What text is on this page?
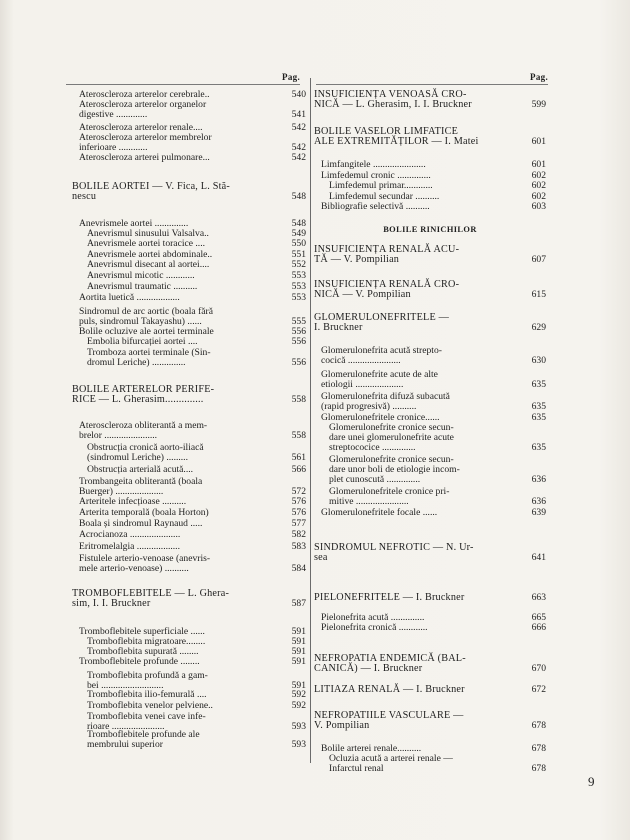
Pag.
Ateroscleroza arterelor cerebrale..	540
Ateroscleroza arterelor organelor
digestive .............	541
Ateroscleroza arterelor renale....	542
Ateroscleroza arterelor membrelor
inferioare ............	542
Ateroscleroza arterei pulmonare...	542
BOLILE AORTEI — V. Fica, L. Stă-
nescu	548
Anevrismele aortei ..............	548
Anevrismul sinusului Valsalva..	549
Anevrismele aortei toracice ....	550
Anevrismele aortei abdominale..	551
Anevrismul disecant al aortei....	552
Anevrismul micotic ............	553
Anevrismul traumatic ..........	553
Aortita luetică ..................	553
Sindromul de arc aortic (boala fără
puls, sindromul Takayashu) ......	555
Bolile ocluzive ale aortei terminale	556
Embolia bifurcației aortei ....	556
Tromboza aortei terminale (Sin-
dromul Leriche) ..............	556
BOLILE ARTERELOR PERIFE-
RICE — L. Gherasim..............	558
Ateroscleroza obliterantă a mem-
brelor ......................	558
Obstrucția cronică aorto-iliacă
(sindromul Leriche) .........	561
Obstrucția arterială acută....	566
Trombangeita obliterantă (boala
Buerger) ....................	572
Arteritele infecțioase ..........	576
Arterita temporală (boala Horton)	576
Boala și sindromul Raynaud .....	577
Acrocianoza .....................	582
Eritromelalgia ..................	583
Fistulele arterio-venoase (anevris-
mele arterio-venoase) ..........	584
TROMBOFLEBITELE — L. Ghera-
sim, I. I. Bruckner	587
Tromboflebitele superficiale ......	591
Tromboflebita migratoare........	591
Tromboflebita supurată ........	591
Tromboflebitele profunde ........	591
Tromboflebita profundă a gam-
bei ..........................	591
Tromboflebita ilio-femurală ....	592
Tromboflebita venelor pelviene..	592
Tromboflebita venei cave infe-
rioare ......................	593
Tromboflebitele profunde ale
membrului superior	593
Pag.
INSUFICIENȚA VENOASĂ CRO-
NICĂ — L. Gherasim, I. I. Bruckner	599
BOLILE VASELOR LIMFATICE
ALE EXTREMITĂȚILOR — I. Matei	601
Limfangitele ......................	601
Limfedemul cronic ..............	602
Limfedemul primar............	602
Limfedemul secundar ..........	602
Bibliografie selectivă ..........	603
BOLILE RINICHILOR
INSUFICIENȚA RENALĂ ACU-
TĂ — V. Pompilian	607
INSUFICIENȚA RENALĂ CRO-
NICĂ — V. Pompilian	615
GLOMERULONEFRITELE —
I. Bruckner	629
Glomerulonefrita acută strepto-
cocică ......................	630
Glomerulonefrite acute de alte
etiologii ....................	635
Glomerulonefrita difuză subacută
(rapid progresivă) ..........	635
Glomerulonefritele cronice......	635
Glomerulonefrite cronice secun-
dare unei glomerulonefrite acute
streptococice ..............	635
Glomerulonefrite cronice secun-
dare unor boli de etiologie incom-
plet cunoscută ..............	636
Glomerulonefritele cronice pri-
mitive ......................	636
Glomerulonefritele focale ......	639
SINDROMUL NEFROTIC — N. Ur-
sea	641
PIELONEFRITELE — I. Bruckner	663
Pielonefrita acută ..............	665
Pielonefrita cronică ............	666
NEFROPATIA ENDEMICĂ (BAL-
CANICĂ) — I. Bruckner	670
LITIAZA RENALĂ — I. Bruckner	672
NEFROPATIILE VASCULARE —
V. Pompilian	678
Bolile arterei renale..........	678
Ocluzia acută a arterei renale —
Infarctul renal	678
9
